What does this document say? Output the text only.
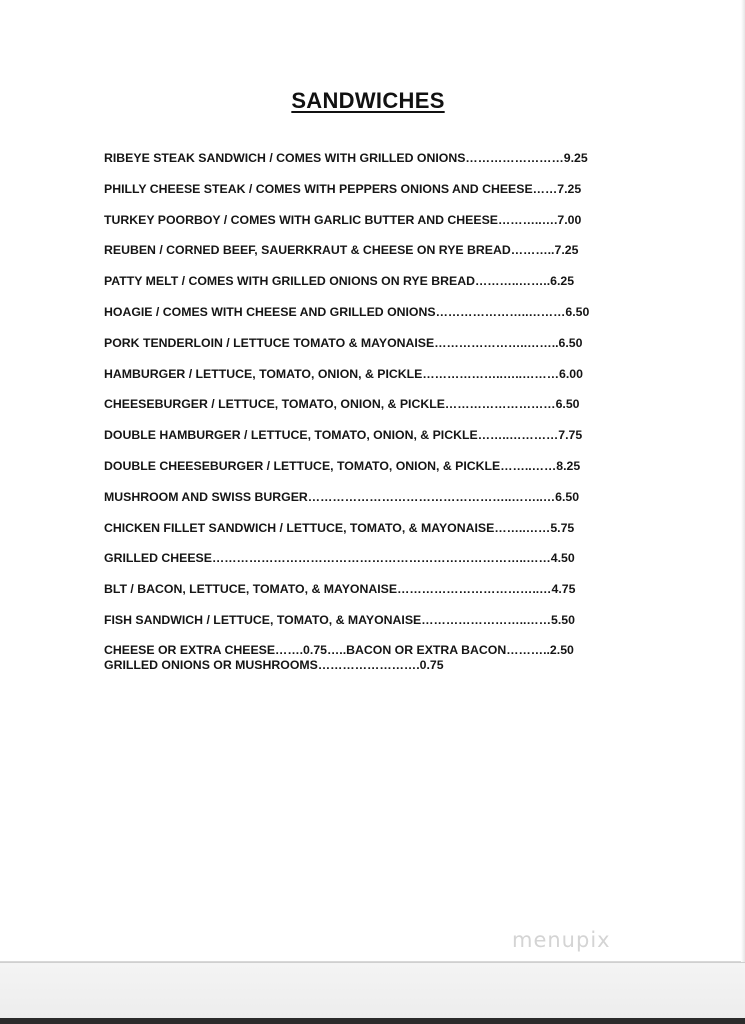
SANDWICHES
RIBEYE STEAK SANDWICH / COMES WITH GRILLED ONIONS……………………9.25
PHILLY CHEESE STEAK / COMES WITH PEPPERS ONIONS AND CHEESE……7.25
TURKEY POORBOY / COMES WITH GARLIC BUTTER AND CHEESE………..….7.00
REUBEN / CORNED BEEF, SAUERKRAUT & CHEESE ON RYE BREAD………..7.25
PATTY MELT / COMES WITH GRILLED ONIONS ON RYE BREAD………..……..6.25
HOAGIE / COMES WITH CHEESE AND GRILLED ONIONS…………………..………6.50
PORK TENDERLOIN / LETTUCE TOMATO & MAYONAISE…………………..……..6.50
HAMBURGER / LETTUCE, TOMATO, ONION, & PICKLE………………..…..………6.00
CHEESEBURGER / LETTUCE, TOMATO, ONION, & PICKLE………………………6.50
DOUBLE HAMBURGER / LETTUCE, TOMATO, ONION, & PICKLE……..…………7.75
DOUBLE CHEESEBURGER / LETTUCE, TOMATO, ONION, & PICKLE……..……8.25
MUSHROOM AND SWISS BURGER…………………………………………..……..…6.50
CHICKEN FILLET SANDWICH / LETTUCE, TOMATO, & MAYONAISE……..……5.75
GRILLED CHEESE…………………………………………………………………..……4.50
BLT / BACON, LETTUCE, TOMATO, & MAYONAISE……………………………..…4.75
FISH SANDWICH / LETTUCE, TOMATO, & MAYONAISE……………………..……5.50
CHEESE OR EXTRA CHEESE…….0.75…..BACON OR EXTRA BACON………..2.50
GRILLED ONIONS OR MUSHROOMS…………………….0.75
menupix
